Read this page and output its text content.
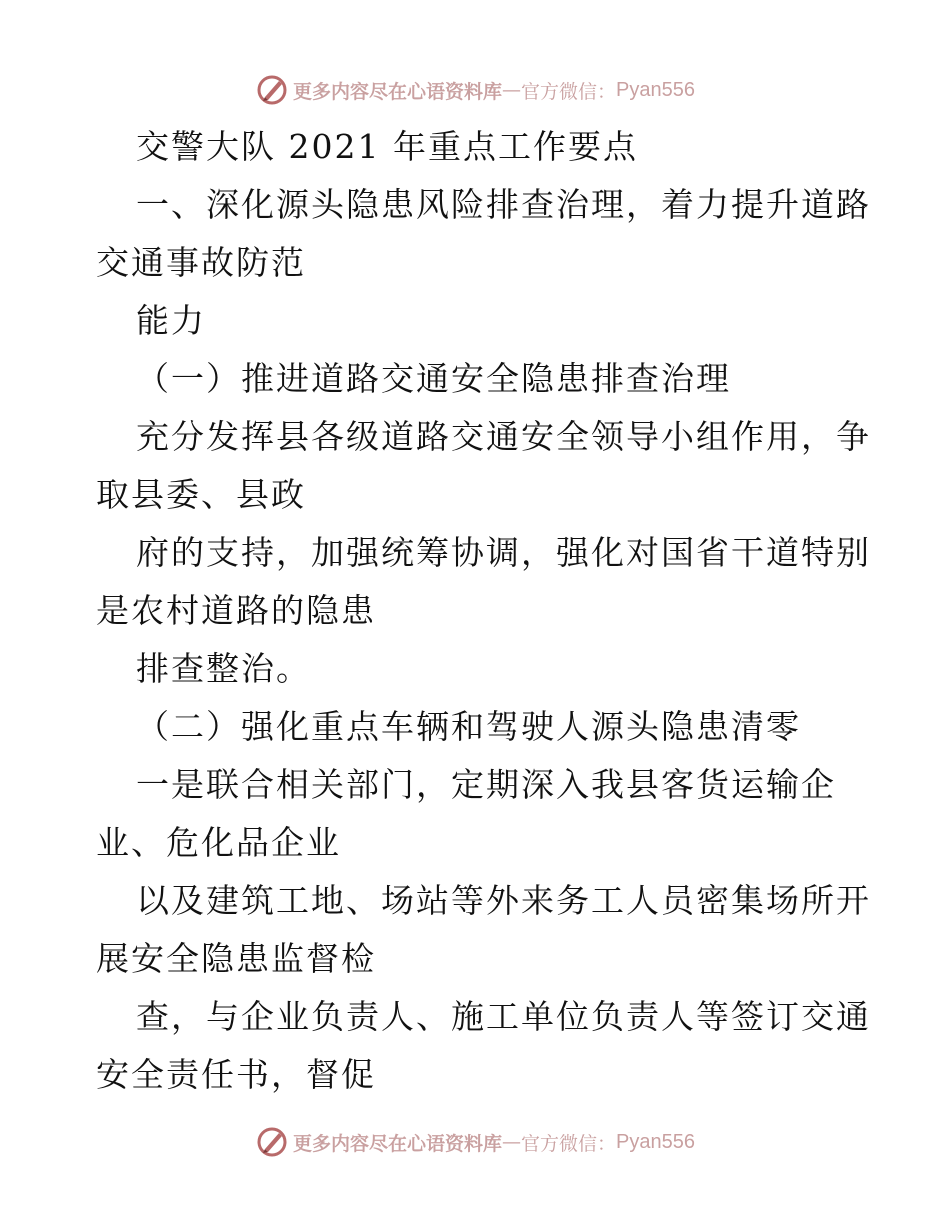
更多内容尽在心语资料库 — 官方微信： Pyan556
交警大队 2021 年重点工作要点
一、深化源头隐患风险排查治理，着力提升道路
交通事故防范
能力
（一）推进道路交通安全隐患排查治理
充分发挥县各级道路交通安全领导小组作用，争
取县委、县政
府的支持，加强统筹协调，强化对国省干道特别
是农村道路的隐患
排查整治。
（二）强化重点车辆和驾驶人源头隐患清零
一是联合相关部门，定期深入我县客货运输企
业、危化品企业
以及建筑工地、场站等外来务工人员密集场所开
展安全隐患监督检
查，与企业负责人、施工单位负责人等签订交通
安全责任书，督促
更多内容尽在心语资料库 — 官方微信： Pyan556
